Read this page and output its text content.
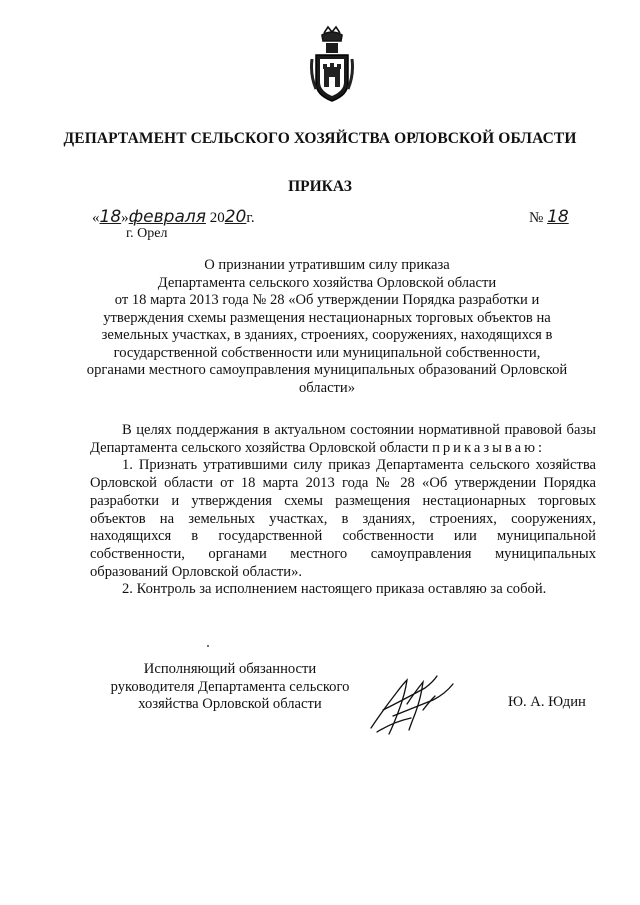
ДЕПАРТАМЕНТ СЕЛЬСКОГО ХОЗЯЙСТВА ОРЛОВСКОЙ ОБЛАСТИ
ПРИКАЗ
«18»февраля 2020г.
г. Орел
№ 18

О признании утратившим силу приказа

Департамента сельского хозяйства Орловской области

от 18 марта 2013 года № 28 «Об утверждении Порядка разработки и

утверждения схемы размещения нестационарных торговых объектов на

земельных участках, в зданиях, строениях, сооружениях, находящихся в

государственной собственности или муниципальной собственности,

органами местного самоуправления муниципальных образований Орловской

области»

В целях поддержания в актуальном состоянии нормативной правовой базы Департамента сельского хозяйства Орловской области приказываю:

1. Признать утратившими силу приказ Департамента сельского хозяйства Орловской области от 18 марта 2013 года № 28 «Об утверждении Порядка разработки и утверждения схемы размещения нестационарных торговых объектов на земельных участках, в зданиях, строениях, сооружениях, находящихся в государственной собственности или муниципальной собственности, органами местного самоуправления муниципальных образований Орловской области».

2. Контроль за исполнением настоящего приказа оставляю за собой.

Исполняющий обязанности
руководителя Департамента сельского
хозяйства Орловской области	Ю. А. Юдин
